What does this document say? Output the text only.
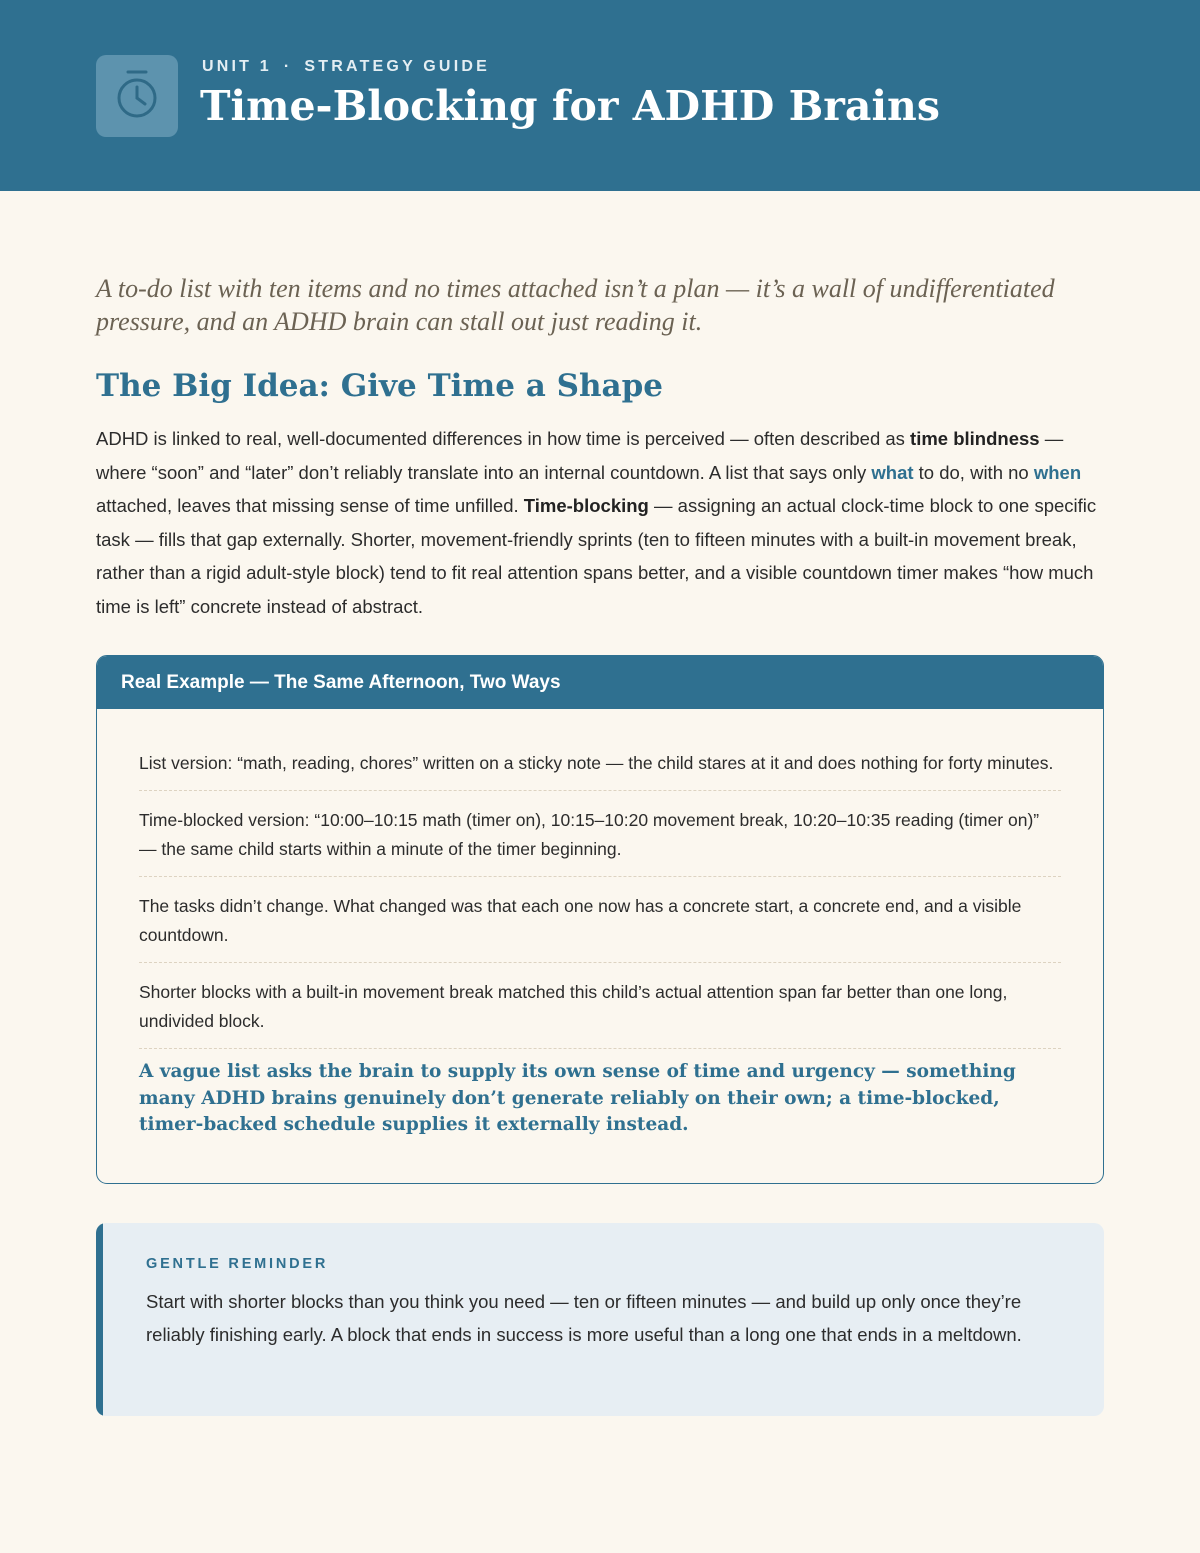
UNIT 1 · STRATEGY GUIDE
Time-Blocking for ADHD Brains

A to-do list with ten items and no times attached isn’t a plan — it’s a wall of undifferentiated pressure, and an ADHD brain can stall out just reading it.

The Big Idea: Give Time a Shape

ADHD is linked to real, well-documented differences in how time is perceived — often described as time blindness — where “soon” and “later” don’t reliably translate into an internal countdown. A list that says only what to do, with no when attached, leaves that missing sense of time unfilled. Time-blocking — assigning an actual clock-time block to one specific task — fills that gap externally. Shorter, movement-friendly sprints (ten to fifteen minutes with a built-in movement break, rather than a rigid adult-style block) tend to fit real attention spans better, and a visible countdown timer makes “how much time is left” concrete instead of abstract.

Real Example — The Same Afternoon, Two Ways
List version: “math, reading, chores” written on a sticky note — the child stares at it and does nothing for forty minutes.
Time-blocked version: “10:00–10:15 math (timer on), 10:15–10:20 movement break, 10:20–10:35 reading (timer on)” — the same child starts within a minute of the timer beginning.
The tasks didn’t change. What changed was that each one now has a concrete start, a concrete end, and a visible countdown.
Shorter blocks with a built-in movement break matched this child’s actual attention span far better than one long, undivided block.
A vague list asks the brain to supply its own sense of time and urgency — something many ADHD brains genuinely don’t generate reliably on their own; a time-blocked, timer-backed schedule supplies it externally instead.
GENTLE REMINDER

Start with shorter blocks than you think you need — ten or fifteen minutes — and build up only once they’re reliably finishing early. A block that ends in success is more useful than a long one that ends in a meltdown.
